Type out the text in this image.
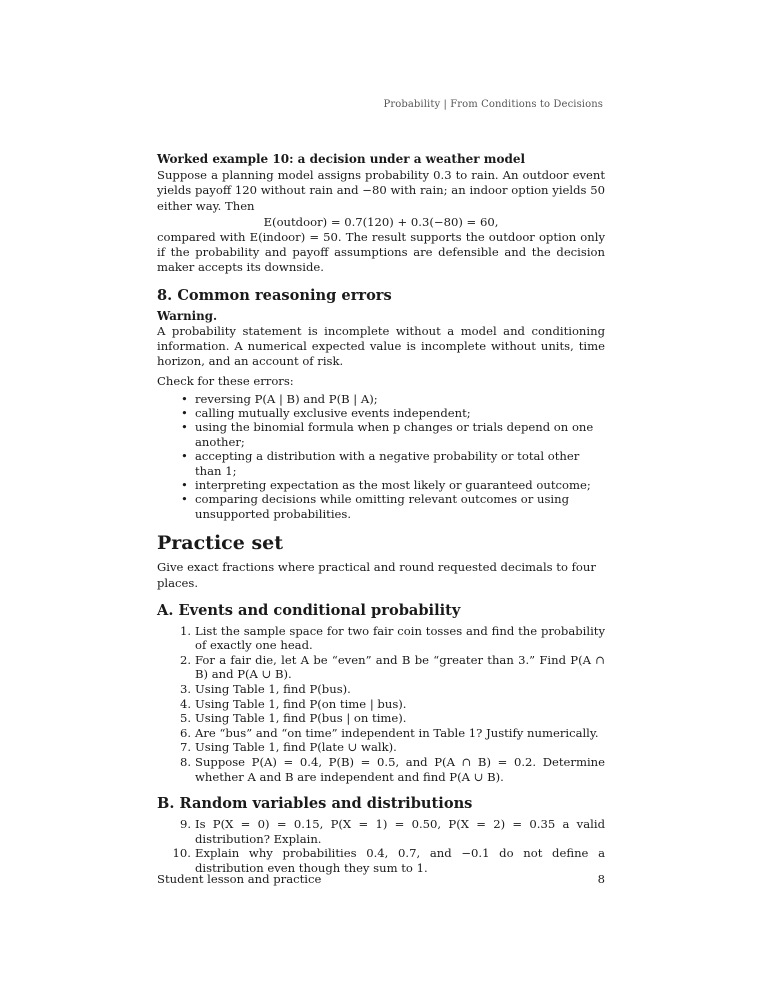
Probability | From Conditions to Decisions

Worked example 10: a decision under a weather model

Suppose a planning model assigns probability 0.3 to rain. An outdoor event yields payoff 120 without rain and −80 with rain; an indoor option yields 50 either way. Then

E(outdoor) = 0.7(120) + 0.3(−80) = 60,

compared with E(indoor) = 50. The result supports the outdoor option only if the probability and payoff assumptions are defensible and the decision maker accepts its downside.

8. Common reasoning errors

Warning.

A probability statement is incomplete without a model and conditioning information. A numerical expected value is incomplete without units, time horizon, and an account of risk.

Check for these errors:

• reversing P(A | B) and P(B | A);
• calling mutually exclusive events independent;
• using the binomial formula when p changes or trials depend on one another;
• accepting a distribution with a negative probability or total other than 1;
• interpreting expectation as the most likely or guaranteed outcome;
• comparing decisions while omitting relevant outcomes or using unsupported probabilities.
Practice set

Give exact fractions where practical and round requested decimals to four places.

A. Events and conditional probability
1. List the sample space for two fair coin tosses and find the probability of exactly one head.
2. For a fair die, let A be “even” and B be “greater than 3.” Find P(A ∩ B) and P(A ∪ B).
3. Using Table 1, find P(bus).
4. Using Table 1, find P(on time | bus).
5. Using Table 1, find P(bus | on time).
6. Are “bus” and “on time” independent in Table 1? Justify numerically.
7. Using Table 1, find P(late ∪ walk).
8. Suppose P(A) = 0.4, P(B) = 0.5, and P(A ∩ B) = 0.2. Determine whether A and B are independent and find P(A ∪ B).
B. Random variables and distributions
9. Is P(X = 0) = 0.15, P(X = 1) = 0.50, P(X = 2) = 0.35 a valid distribution? Explain.
10. Explain why probabilities 0.4, 0.7, and −0.1 do not define a distribution even though they sum to 1.
Student lesson and practice	8
